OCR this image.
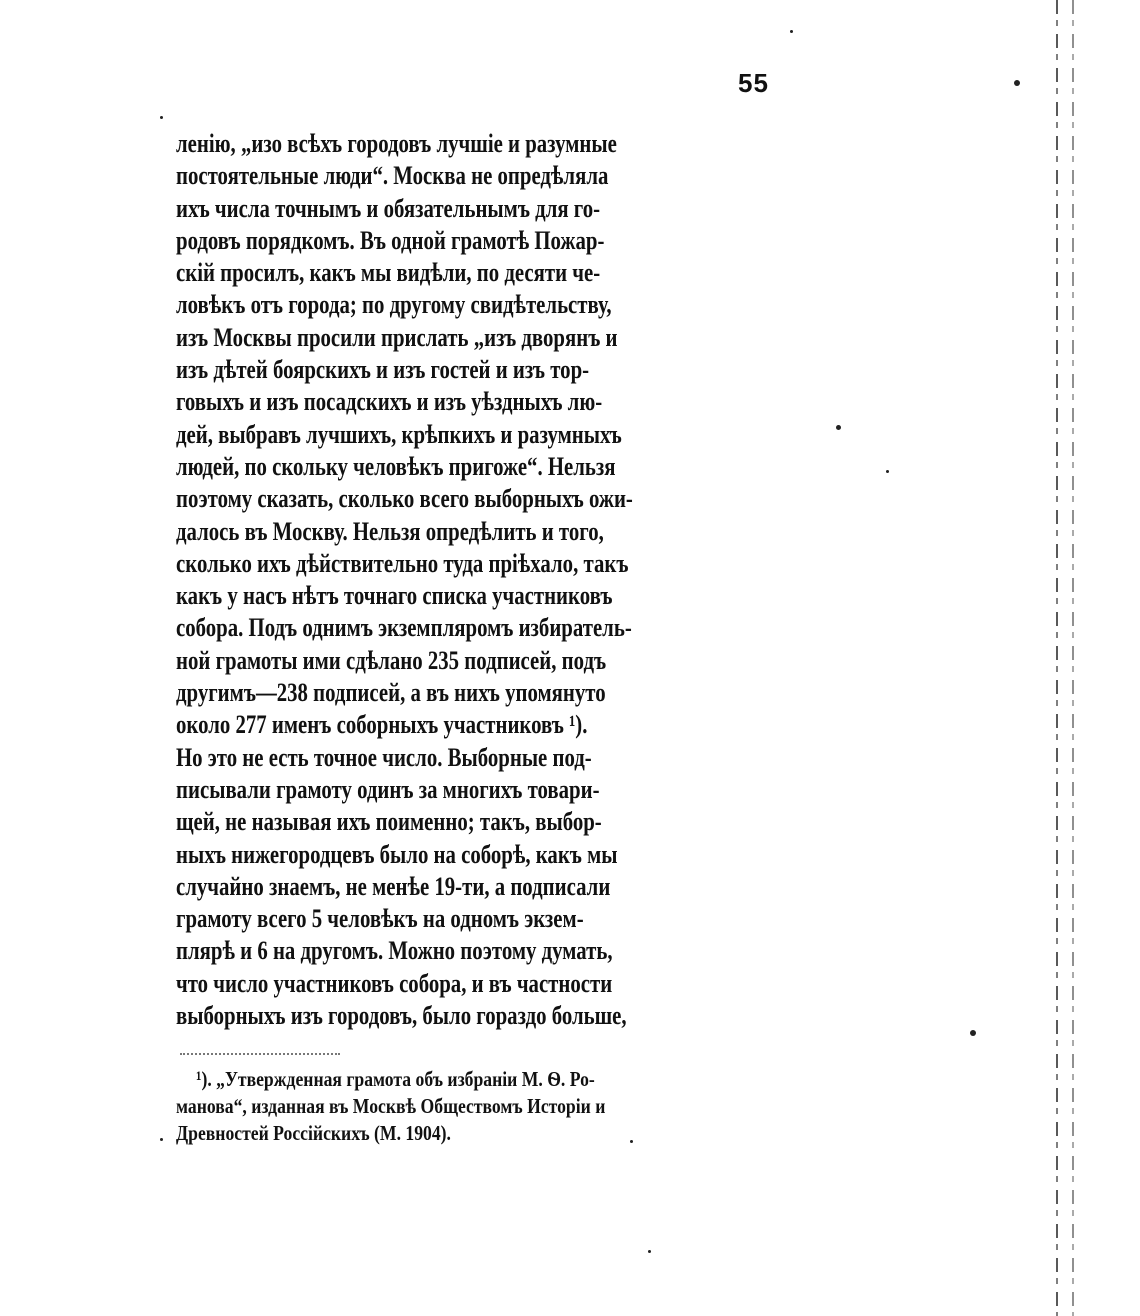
55
ленію, „изо всѣхъ городовъ лучшіе и разумные
постоятельные люди“. Москва не опредѣляла
ихъ числа точнымъ и обязательнымъ для го-
родовъ порядкомъ. Въ одной грамотѣ Пожар-
скій просилъ, какъ мы видѣли, по десяти че-
ловѣкъ отъ города; по другому свидѣтельству,
изъ Москвы просили прислать „изъ дворянъ и
изъ дѣтей боярскихъ и изъ гостей и изъ тор-
говыхъ и изъ посадскихъ и изъ уѣздныхъ лю-
дей, выбравъ лучшихъ, крѣпкихъ и разумныхъ
людей, по скольку человѣкъ пригоже“. Нельзя
поэтому сказать, сколько всего выборныхъ ожи-
далось въ Москву. Нельзя опредѣлить и того,
сколько ихъ дѣйствительно туда пріѣхало, такъ
какъ у насъ нѣтъ точнаго списка участниковъ
собора. Подъ однимъ экземпляромъ избиратель-
ной грамоты ими сдѣлано 235 подписей, подъ
другимъ—238 подписей, а въ нихъ упомянуто
около 277 именъ соборныхъ участниковъ ¹).
Но это не есть точное число. Выборные под-
писывали грамоту одинъ за многихъ товари-
щей, не называя ихъ поименно; такъ, выбор-
ныхъ нижегородцевъ было на соборѣ, какъ мы
случайно знаемъ, не менѣе 19-ти, а подписали
грамоту всего 5 человѣкъ на одномъ экзем-
плярѣ и 6 на другомъ. Можно поэтому думать,
что число участниковъ собора, и въ частности
выборныхъ изъ городовъ, было гораздо больше,
¹). „Утвержденная грамота объ избраніи М. Ѳ. Ро-
манова“, изданная въ Москвѣ Обществомъ Исторіи и
Древностей Россійскихъ (М. 1904).
